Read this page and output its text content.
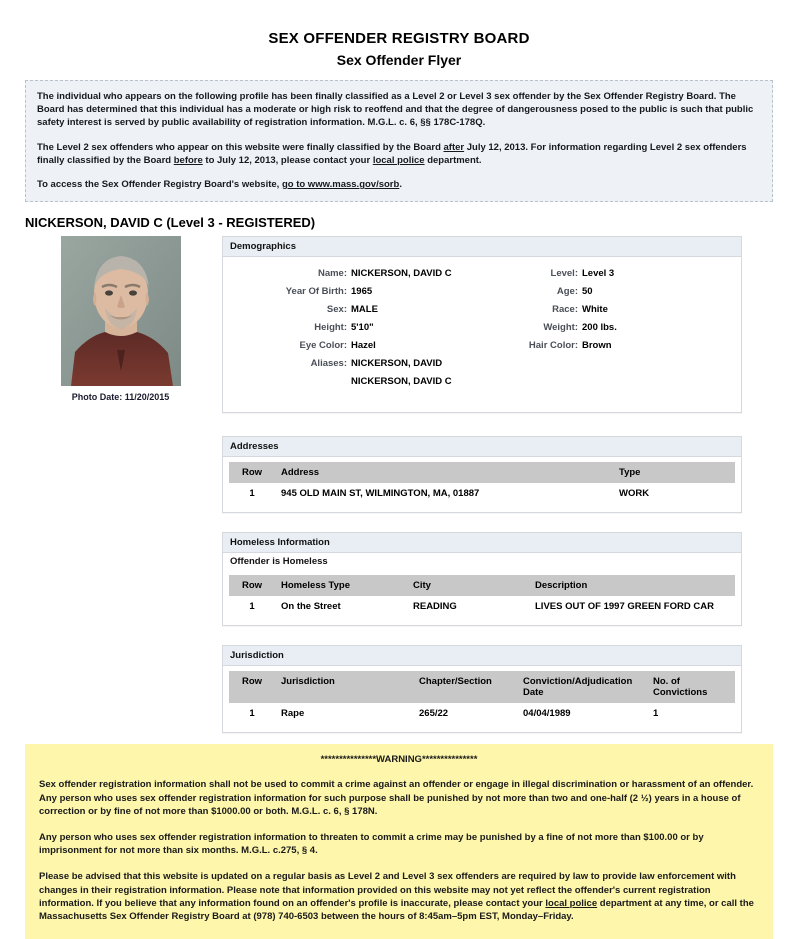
SEX OFFENDER REGISTRY BOARD
Sex Offender Flyer

The individual who appears on the following profile has been finally classified as a Level 2 or Level 3 sex offender by the Sex Offender Registry Board. The Board has determined that this individual has a moderate or high risk to reoffend and that the degree of dangerousness posed to the public is such that public safety interest is served by public availability of registration information. M.G.L. c. 6, §§ 178C-178Q.

The Level 2 sex offenders who appear on this website were finally classified by the Board after July 12, 2013. For information regarding Level 2 sex offenders finally classified by the Board before to July 12, 2013, please contact your local police department.

To access the Sex Offender Registry Board's website, go to www.mass.gov/sorb.

NICKERSON, DAVID C (Level 3 - REGISTERED)
Photo Date: 11/20/2015
Demographics
Name: NICKERSON, DAVID C
Year Of Birth: 1965
Sex: MALE
Height: 5'10"
Eye Color: Hazel
Aliases: NICKERSON, DAVID
NICKERSON, DAVID C
Level: Level 3
Age: 50
Race: White
Weight: 200 lbs.
Hair Color: Brown
Addresses
Row	Address	Type
1	945 OLD MAIN ST, WILMINGTON, MA, 01887	WORK
Homeless Information
Offender is Homeless
Row	Homeless Type	City	Description
1	On the Street	READING	LIVES OUT OF 1997 GREEN FORD CAR
Jurisdiction
Row	Jurisdiction	Chapter/Section	Conviction/Adjudication Date	No. of Convictions
1	Rape	265/22	04/04/1989	1
***************WARNING***************

Sex offender registration information shall not be used to commit a crime against an offender or engage in illegal discrimination or harassment of an offender. Any person who uses sex offender registration information for such purpose shall be punished by not more than two and one-half (2 ½) years in a house of correction or by fine of not more than $1000.00 or both. M.G.L. c. 6, § 178N.

Any person who uses sex offender registration information to threaten to commit a crime may be punished by a fine of not more than $100.00 or by imprisonment for not more than six months. M.G.L. c.275, § 4.

Please be advised that this website is updated on a regular basis as Level 2 and Level 3 sex offenders are required by law to provide law enforcement with changes in their registration information. Please note that information provided on this website may not yet reflect the offender's current registration information. If you believe that any information found on an offender's profile is inaccurate, please contact your local police department at any time, or call the Massachusetts Sex Offender Registry Board at (978) 740-6503 between the hours of 8:45am–5pm EST, Monday–Friday.
